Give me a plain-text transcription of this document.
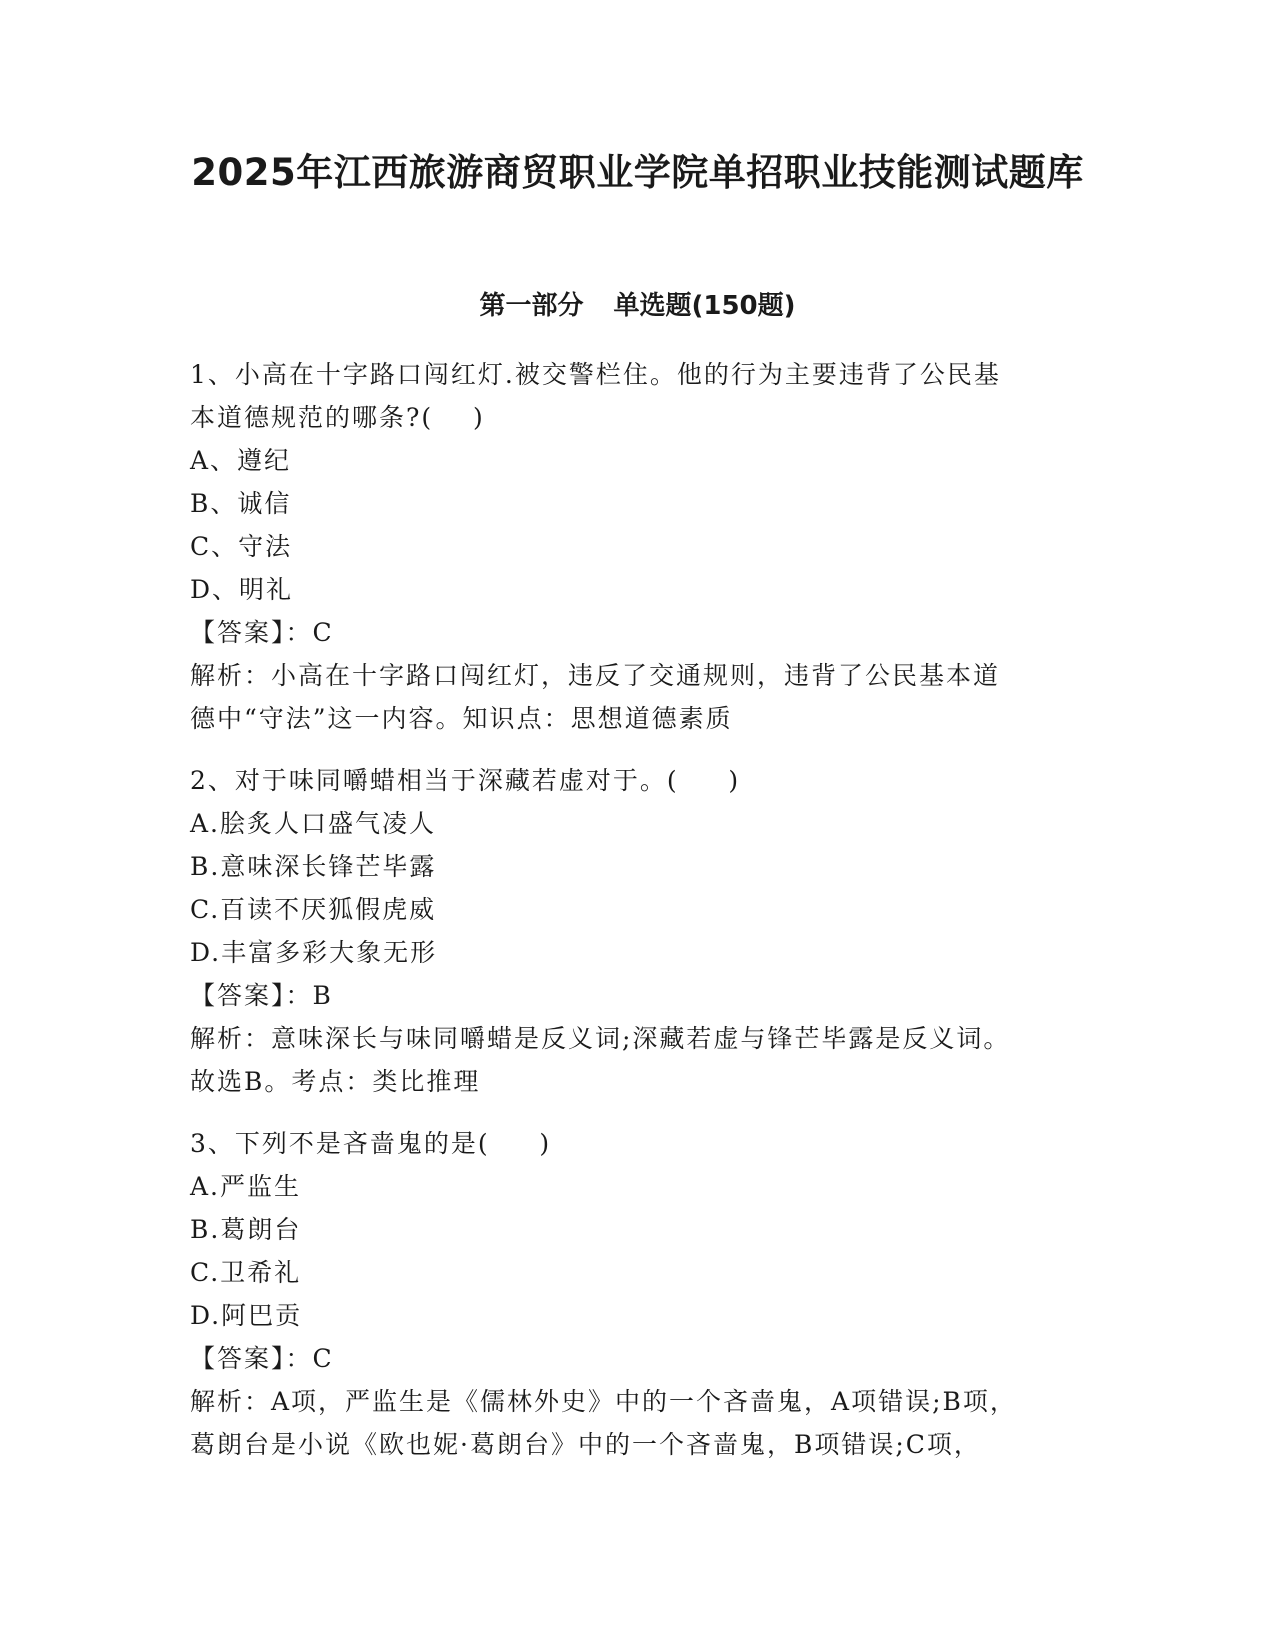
2025年江西旅游商贸职业学院单招职业技能测试题库
第一部分 单选题(150题)

1、小高在十字路口闯红灯.被交警栏住。他的行为主要违背了公民基

本道德规范的哪条?(    )

A、遵纪

B、诚信

C、守法

D、明礼

【答案】：C

解析：小高在十字路口闯红灯，违反了交通规则，违背了公民基本道

德中“守法”这一内容。知识点：思想道德素质

2、对于味同嚼蜡相当于深藏若虚对于。(     )

A.脍炙人口盛气凌人

B.意味深长锋芒毕露

C.百读不厌狐假虎威

D.丰富多彩大象无形

【答案】：B

解析：意味深长与味同嚼蜡是反义词;深藏若虚与锋芒毕露是反义词。

故选B。考点：类比推理

3、下列不是吝啬鬼的是(     )

A.严监生

B.葛朗台

C.卫希礼

D.阿巴贡

【答案】：C

解析：A项，严监生是《儒林外史》中的一个吝啬鬼，A项错误;B项，

葛朗台是小说《欧也妮·葛朗台》中的一个吝啬鬼，B项错误;C项，
